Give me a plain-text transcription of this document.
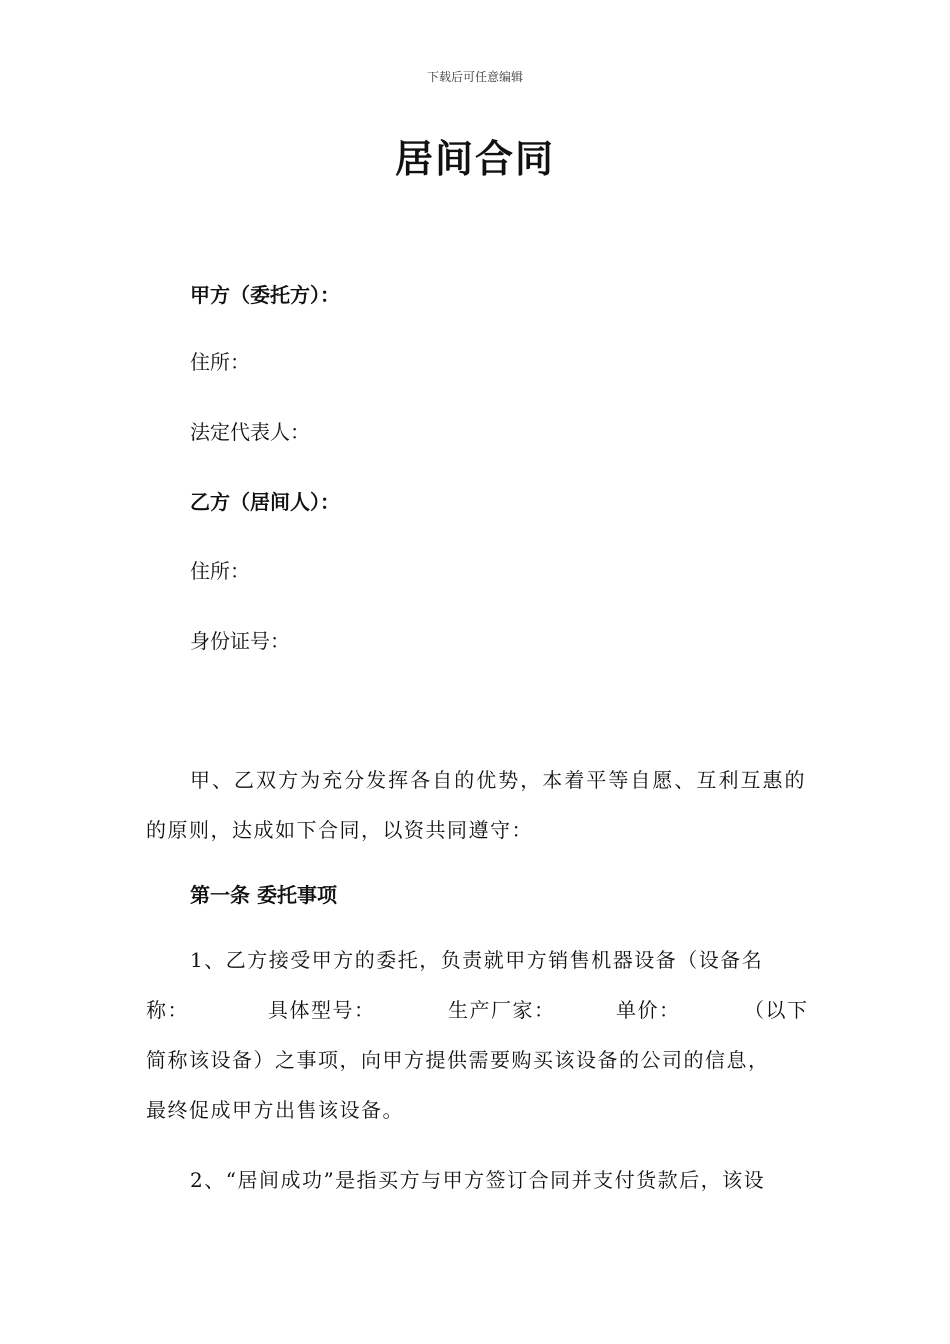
下载后可任意编辑
居间合同
甲方（委托方）：
住所：
法定代表人：
乙方（居间人）：
住所：
身份证号：

甲、乙双方为充分发挥各自的优势，本着平等自愿、互利互惠的的原则，达成如下合同，以资共同遵守：

第一条 委托事项
1、乙方接受甲方的委托，负责就甲方销售机器设备（设备名
称：	具体型号：	生产厂家：	单价：	（以下
简称该设备）之事项，向甲方提供需要购买该设备的公司的信息，
最终促成甲方出售该设备。
2、“居间成功”是指买方与甲方签订合同并支付货款后，该设
